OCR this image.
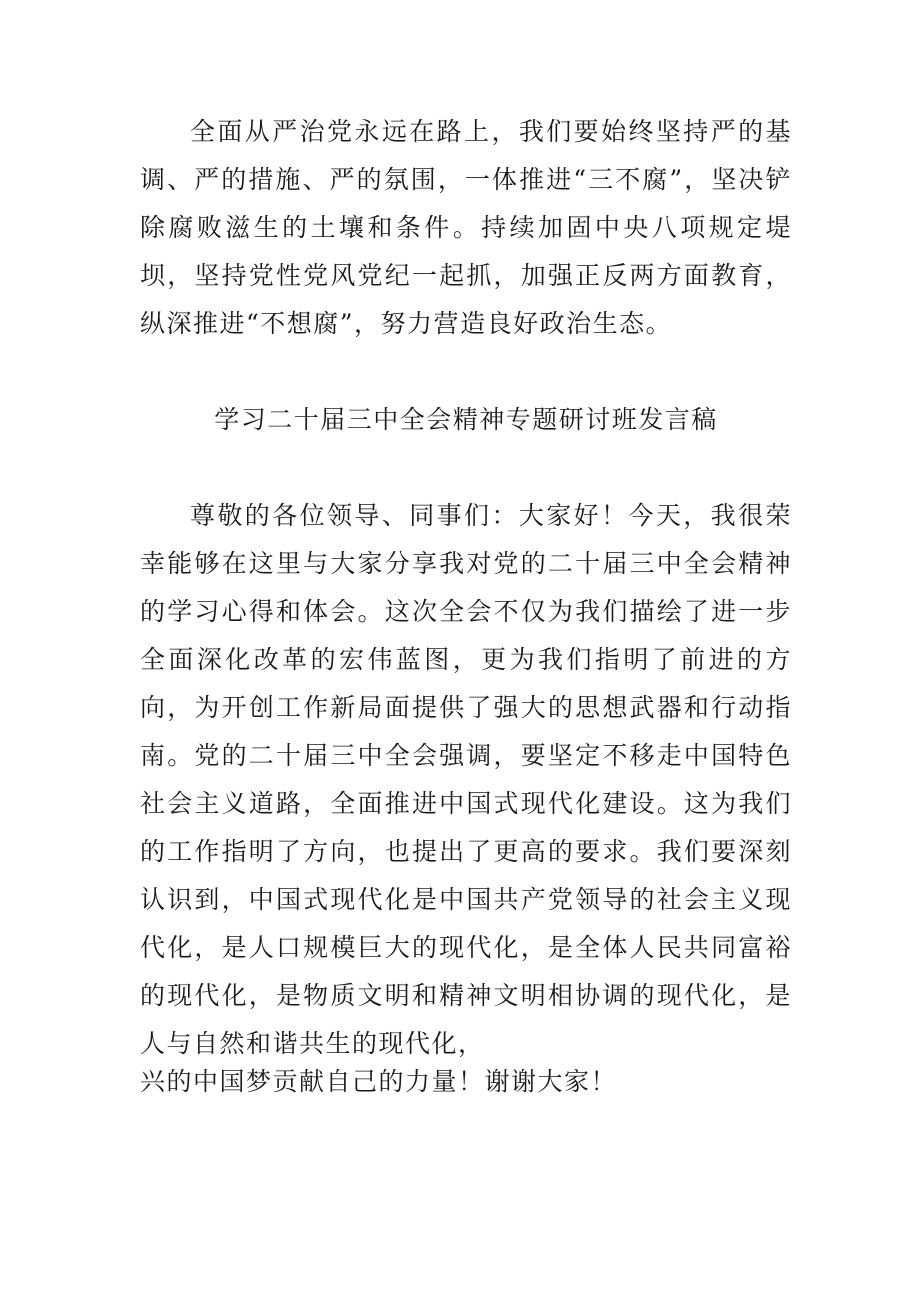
全面从严治党永远在路上，我们要始终坚持严的基调、严的措施、严的氛围，一体推进“三不腐”，坚决铲除腐败滋生的土壤和条件。持续加固中央八项规定堤坝，坚持党性党风党纪一起抓，加强正反两方面教育，纵深推进“不想腐”，努力营造良好政治生态。

学习二十届三中全会精神专题研讨班发言稿

尊敬的各位领导、同事们：大家好！今天，我很荣幸能够在这里与大家分享我对党的二十届三中全会精神的学习心得和体会。这次全会不仅为我们描绘了进一步全面深化改革的宏伟蓝图，更为我们指明了前进的方向，为开创工作新局面提供了强大的思想武器和行动指南。党的二十届三中全会强调，要坚定不移走中国特色社会主义道路，全面推进中国式现代化建设。这为我们的工作指明了方向，也提出了更高的要求。我们要深刻认识到，中国式现代化是中国共产党领导的社会主义现代化，是人口规模巨大的现代化，是全体人民共同富裕的现代化，是物质文明和精神文明相协调的现代化，是人与自然和谐共生的现代化，

兴的中国梦贡献自己的力量！谢谢大家！
